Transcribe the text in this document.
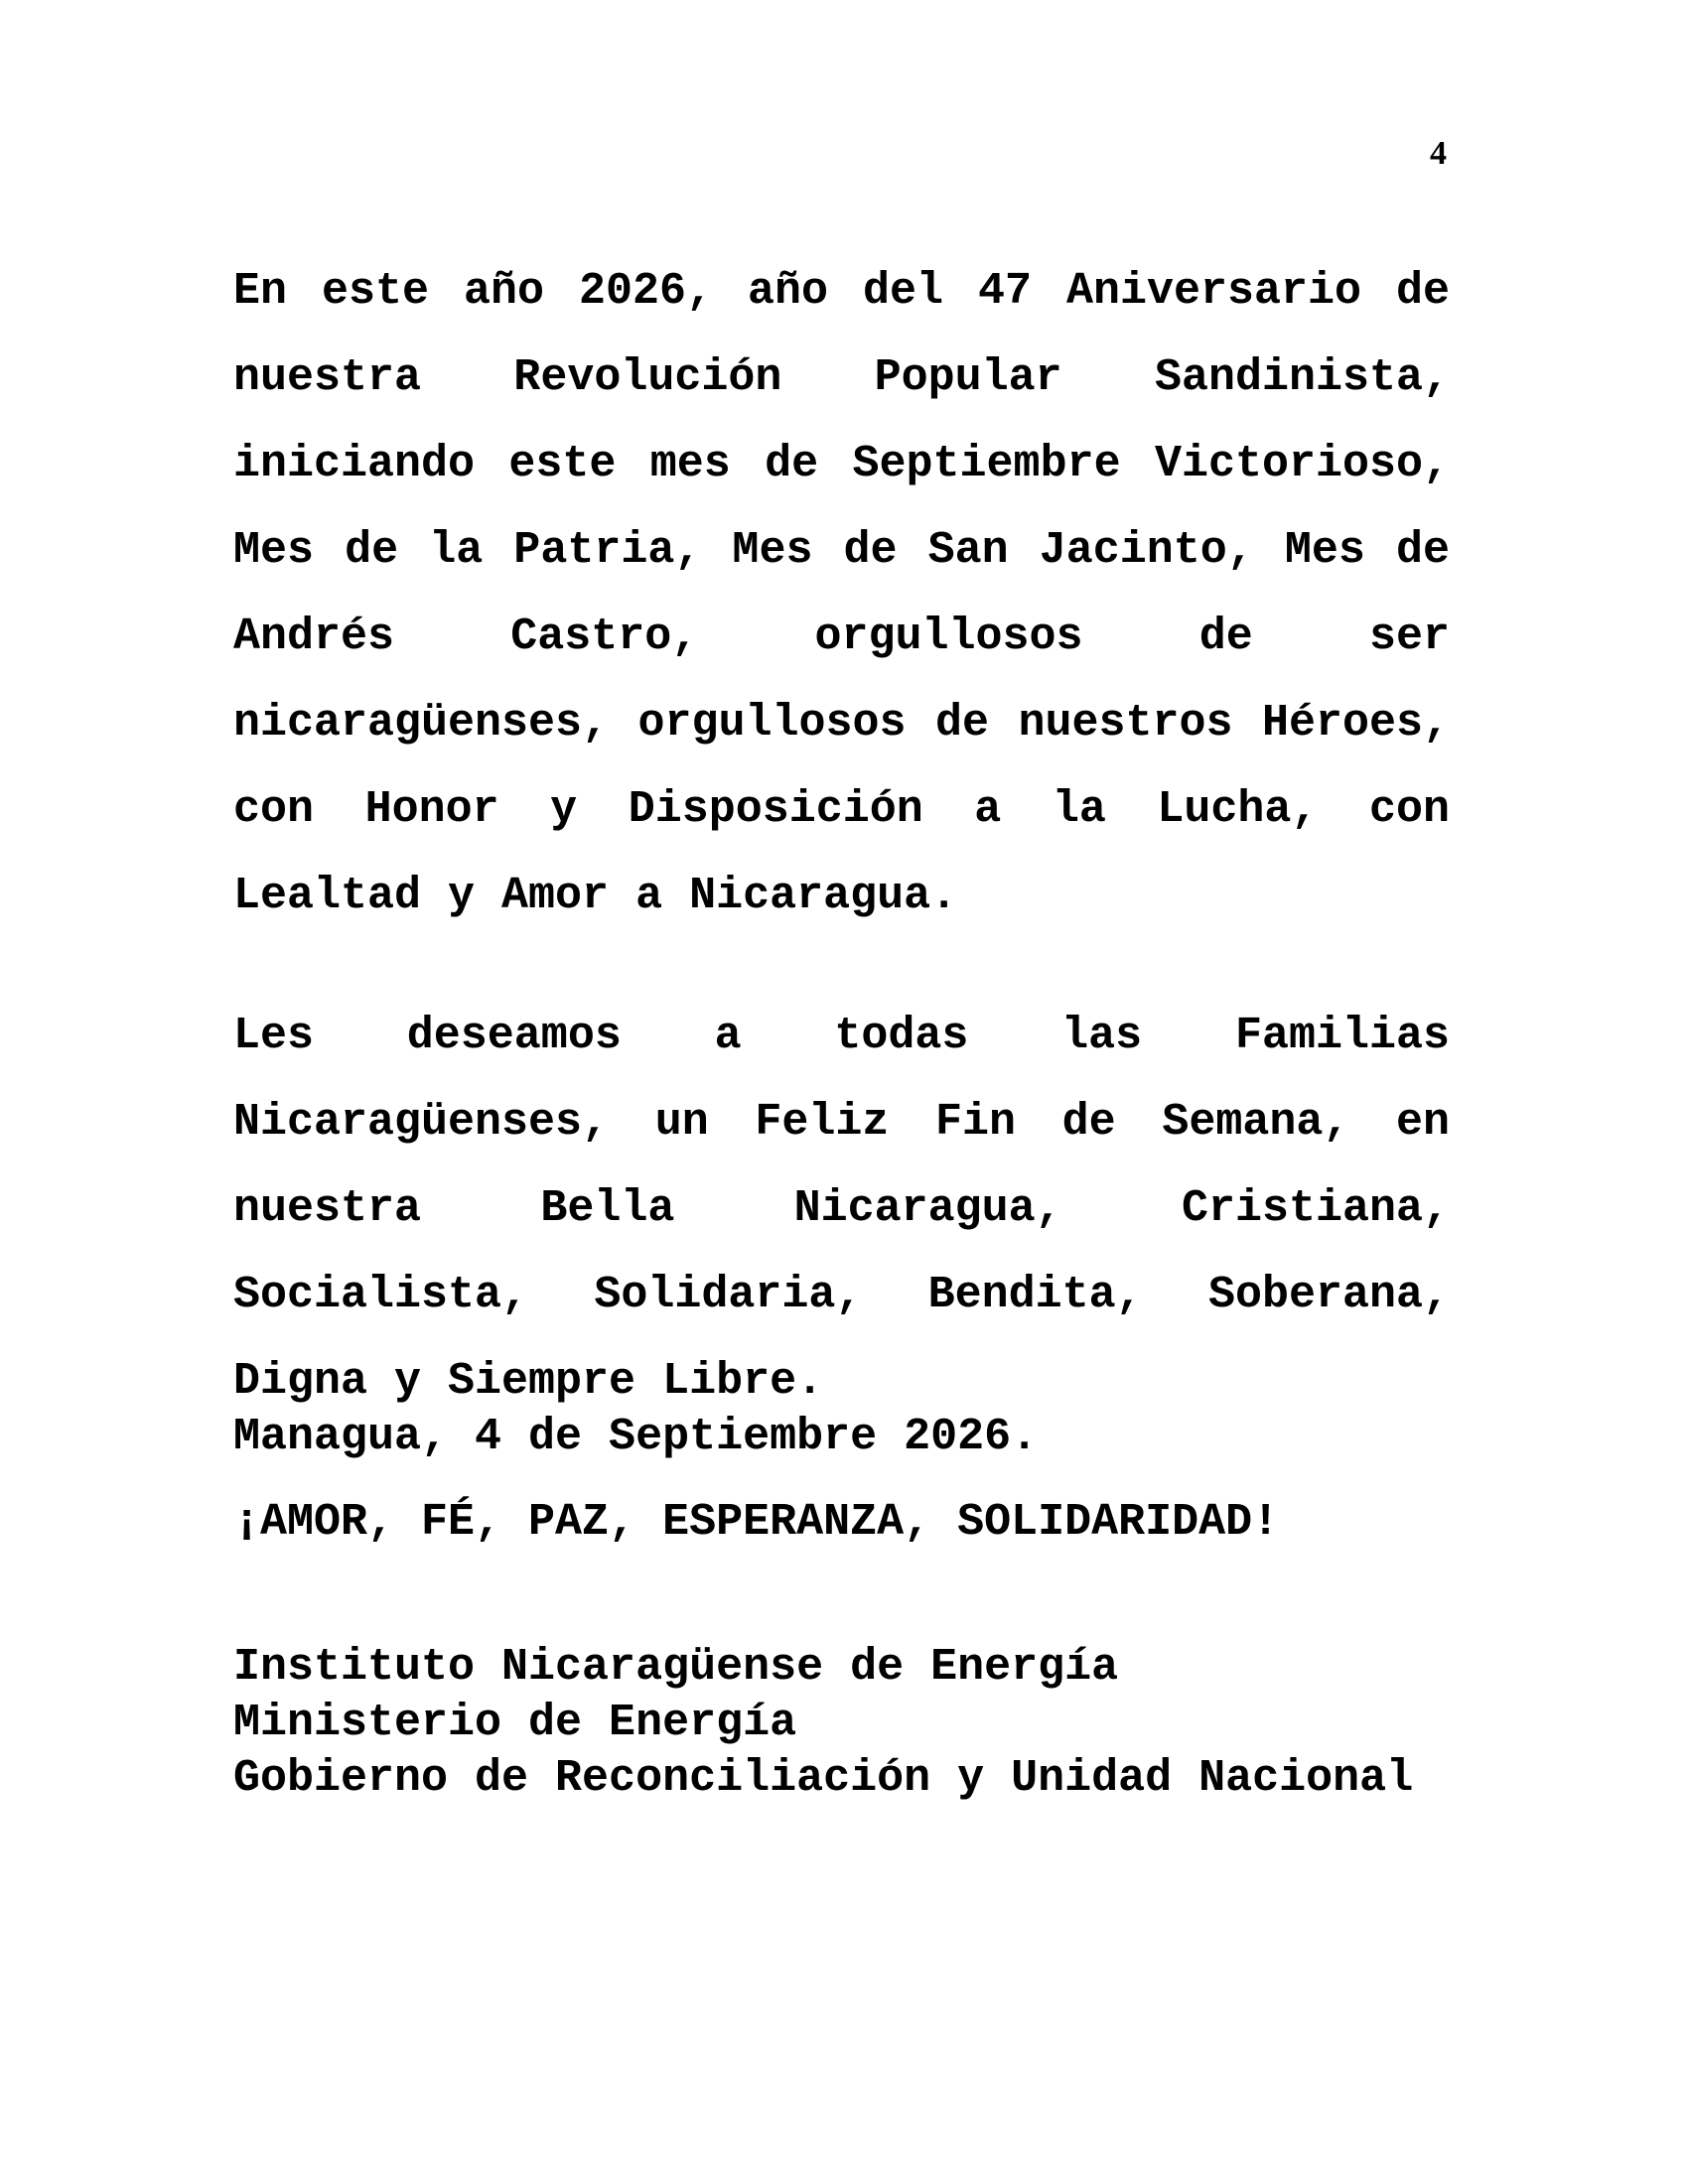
4

En este año 2026, año del 47 Aniversario de nuestra Revolución Popular Sandinista, iniciando este mes de Septiembre Victorioso, Mes de la Patria, Mes de San Jacinto, Mes de Andrés Castro, orgullosos de ser nicaragüenses, orgullosos de nuestros Héroes, con Honor y Disposición a la Lucha, con Lealtad y Amor a Nicaragua.

Les deseamos a todas las Familias Nicaragüenses, un Feliz Fin de Semana, en nuestra Bella Nicaragua, Cristiana, Socialista, Solidaria, Bendita, Soberana, Digna y Siempre Libre.

Managua, 4 de Septiembre 2026.
¡AMOR, FÉ, PAZ, ESPERANZA, SOLIDARIDAD!
Instituto Nicaragüense de Energía
Ministerio de Energía
Gobierno de Reconciliación y Unidad Nacional
